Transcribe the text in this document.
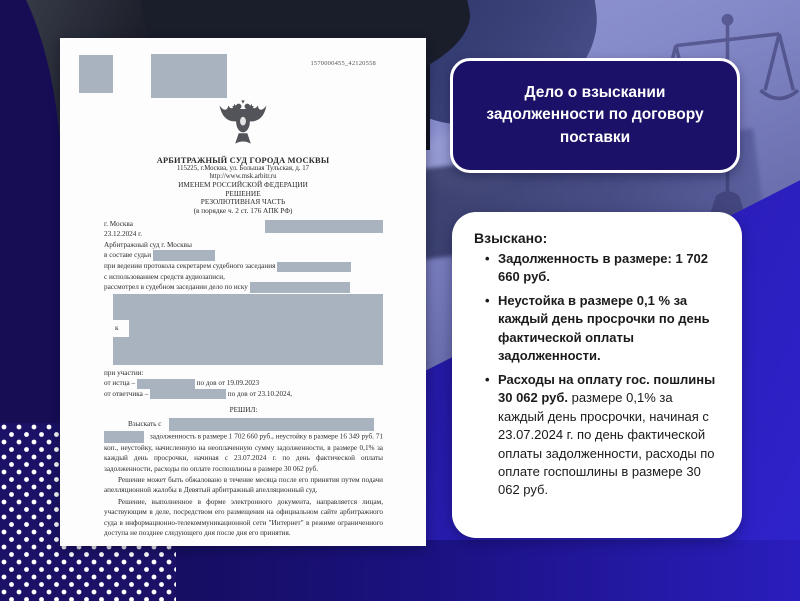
1570000455_42120558
АРБИТРАЖНЫЙ СУД ГОРОДА МОСКВЫ
115225, г.Москва, ул. Большая Тульская, д. 17
http://www.msk.arbitr.ru
ИМЕНЕМ РОССИЙСКОЙ ФЕДЕРАЦИИ
РЕШЕНИЕ
РЕЗОЛЮТИВНАЯ ЧАСТЬ
(в порядке ч. 2 ст. 176 АПК РФ)
г. Москва
23.12.2024 г.
Арбитражный суд г. Москвы
в составе судьи
при ведении протокола секретарем судебного заседания
с использованием средств аудиозаписи,
рассмотрел в судебном заседании дело по иску
к
при участии:
от истца –	по дов от 19.09.2023
от ответчика –	по дов от 23.10.2024,
РЕШИЛ:
Взыскать с
задолженность в размере 1 702 660 руб., неустойку в размере 16 349 руб. 71 коп., неустойку, начисленную на неоплаченную сумму задолженности, в размере 0,1% за каждый день просрочки, начиная с 23.07.2024 г. по день фактической оплаты задолженности, расходы по оплате госпошлины в размере 30 062 руб.
Решение может быть обжаловано в течение месяца после его принятия путем подачи апелляционной жалобы в Девятый арбитражный апелляционный суд.
Решение, выполненное в форме электронного документа, направляется лицам, участвующим в деле, посредством его размещения на официальном сайте арбитражного суда в информационно-телекоммуникационной сети "Интернет" в режиме ограниченного доступа не позднее следующего дня после дня его принятия.
Дело о взыскании задолженности по договору поставки
Взыскано:
• Задолженность в размере: 1 702 660 руб.
• Неустойка в размере 0,1 % за каждый день просрочки по день фактической оплаты задолженности.
• Расходы на оплату гос. пошлины 30 062 руб. размере 0,1% за каждый день просрочки, начиная с 23.07.2024 г. по день фактической оплаты задолженности, расходы по оплате госпошлины в размере 30 062 руб.
